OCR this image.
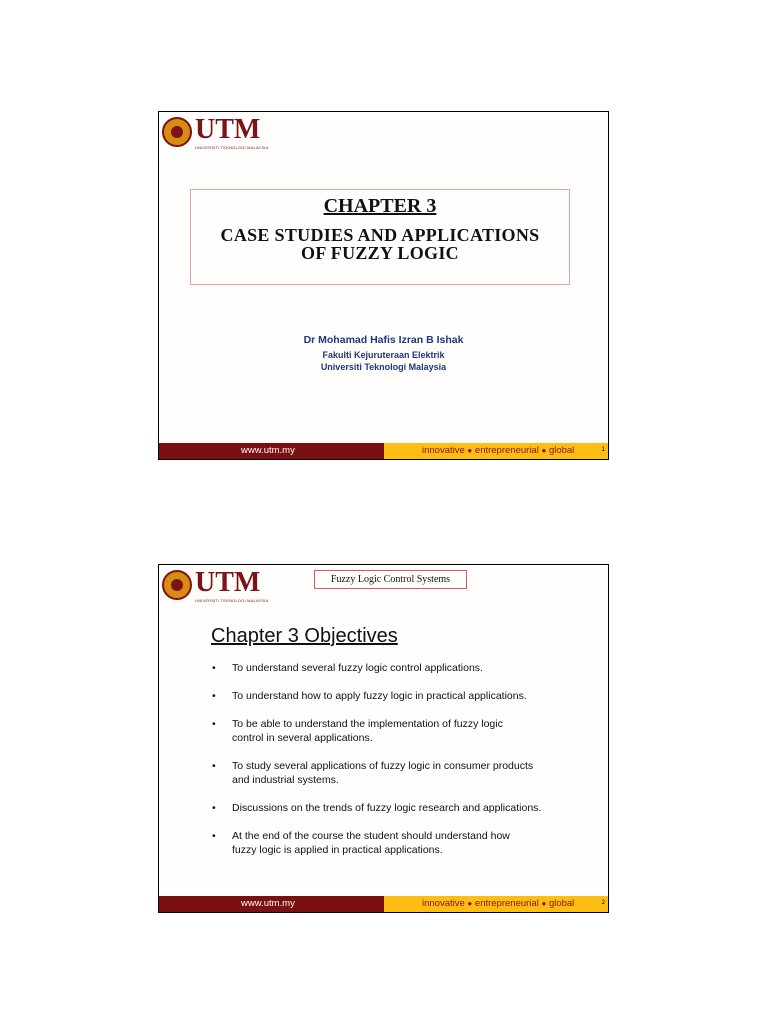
UTM
UNIVERSITI TEKNOLOGI MALAYSIA
CHAPTER 3
CASE STUDIES AND APPLICATIONS
OF FUZZY LOGIC
Dr Mohamad Hafis Izran B Ishak
Fakulti Kejuruteraan Elektrik
Universiti Teknologi Malaysia
www.utm.my	innovative ● entrepreneurial ● global	1
UTM
UNIVERSITI TEKNOLOGI MALAYSIA
Fuzzy Logic Control Systems
Chapter 3 Objectives
• To understand several fuzzy logic control applications.
• To understand how to apply fuzzy logic in practical applications.
• To be able to understand the implementation of fuzzy logic
control in several applications.
• To study several applications of fuzzy logic in consumer products
and industrial systems.
• Discussions on the trends of fuzzy logic research and applications.
• At the end of the course the student should understand how
fuzzy logic is applied in practical applications.
www.utm.my	innovative ● entrepreneurial ● global	2
